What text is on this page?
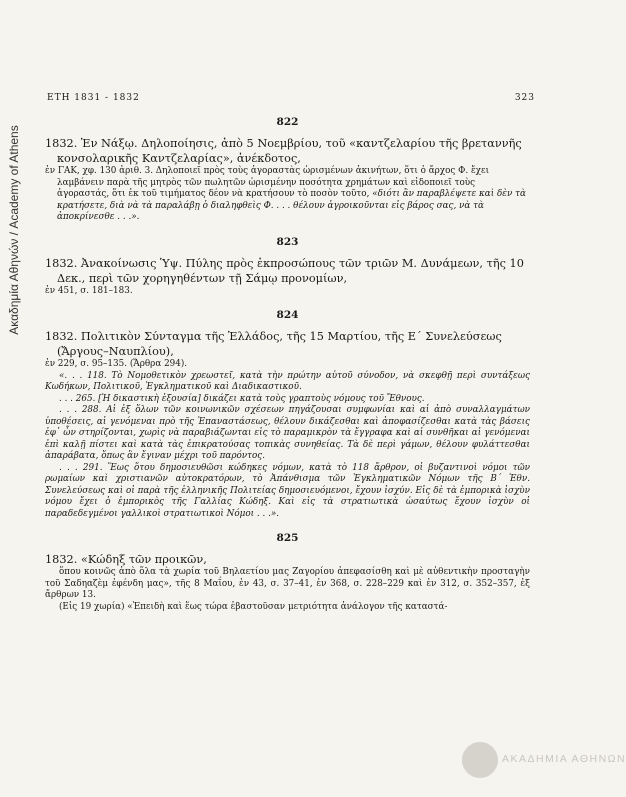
Ακαδημία Αθηνών / Academy of Athens
ΕΤΗ 1831 - 1832	323
822

1832. Ἐν Νάξῳ. Δηλοποίησις, ἀπὸ 5 Νοεμβρίου, τοῦ «καντζελαρίου τῆς βρεταννῆς κονσολαρικῆς Καντζελαρίας», ἀνέκδοτος,

ἐν ΓΑΚ, χφ. 130 ἀριθ. 3. Δηλοποιεῖ πρὸς τοὺς ἀγοραστὰς ὡρισμένων ἀκινήτων, ὅτι ὁ ἄρχος Φ. ἔχει λαμβάνειν παρὰ τῆς μητρὸς τῶν πωλητῶν ὡρισμένην ποσότητα χρημάτων καὶ εἰδοποιεῖ τοὺς ἀγοραστάς, ὅτι ἐκ τοῦ τιμήματος δέον νὰ κρατήσουν τὸ ποσὸν τοῦτο, «διότι ἂν παραβλέψετε καὶ δὲν τὰ κρατήσετε, διὰ νὰ τὰ παραλάβῃ ὁ διαληφθεὶς Φ. . . . θέλουν ἀγροικοῦνται εἰς βάρος σας, νὰ τὰ ἀποκρίνεσθε . . .».

823

1832. Ἀνακοίνωσις Ὑψ. Πύλης πρὸς ἐκπροσώπους τῶν τριῶν Μ. Δυνάμεων, τῆς 10 Δεκ., περὶ τῶν χορηγηθέντων τῇ Σάμῳ προνομίων,

ἐν 451, σ. 181–183.

824

1832. Πολιτικὸν Σύνταγμα τῆς Ἑλλάδος, τῆς 15 Μαρτίου, τῆς Ε΄ Συνελεύσεως (Ἄργους–Ναυπλίου),

ἐν 229, σ. 95–135. (Ἄρθρα 294).

«. . . 118. Τὸ Νομοθετικὸν χρεωστεῖ, κατὰ τὴν πρώτην αὐτοῦ σύνοδον, νὰ σκεφθῇ περὶ συντάξεως Κωδήκων, Πολιτικοῦ, Ἐγκληματικοῦ καὶ Διαδικαστικοῦ.

. . . 265. [Ἡ δικαστικὴ ἐξουσία] δικάζει κατὰ τοὺς γραπτοὺς νόμους τοῦ Ἔθνους.

. . . 288. Αἱ ἐξ ὅλων τῶν κοινωνικῶν σχέσεων πηγάζουσαι συμφωνίαι καὶ αἱ ἀπὸ συναλλαγμάτων ὑποθέσεις, αἱ γενόμεναι πρὸ τῆς Ἐπαναστάσεως, θέλουν δικάζεσθαι καὶ ἀποφασίζεσθαι κατὰ τὰς βάσεις ἐφ᾽ ὧν στηρίζονται, χωρὶς νὰ παραβιάζωνται εἰς τὸ παραμικρὸν τὰ ἔγγραφα καὶ αἱ συνθῆκαι αἱ γενόμεναι ἐπὶ καλῇ πίστει καὶ κατὰ τὰς ἐπικρατούσας τοπικὰς συνηθείας. Τὰ δὲ περὶ γάμων, θέλουν φυλάττεσθαι ἀπαράβατα, ὅπως ἂν ἔγιναν μέχρι τοῦ παρόντος.

. . . 291. Ἕως ὅτου δημοσιευθῶσι κώδηκες νόμων, κατὰ τὸ 118 ἄρθρον, οἱ βυζαντινοὶ νόμοι τῶν ρωμαίων καὶ χριστιανῶν αὐτοκρατόρων, τὸ Ἀπάνθισμα τῶν Ἐγκληματικῶν Νόμων τῆς Β΄ Ἐθν. Συνελεύσεως καὶ οἱ παρὰ τῆς ἑλληνικῆς Πολιτείας δημοσιευόμενοι, ἔχουν ἰσχύν. Εἰς δὲ τὰ ἐμπορικὰ ἰσχὺν νόμου ἔχει ὁ ἐμπορικὸς τῆς Γαλλίας Κώδηξ. Καὶ εἰς τὰ στρατιωτικὰ ὡσαύτως ἔχουν ἰσχὺν οἱ παραδεδεγμένοι γαλλικοὶ στρατιωτικοὶ Νόμοι . . .».

825

1832. «Κώδηξ τῶν προικῶν,

ὅπου κοινῶς ἀπὸ ὅλα τὰ χωρία τοῦ Βηλαετίου μας Ζαγορίου ἀπεφασίσθη καὶ μὲ αὐθεντικὴν προσταγὴν τοῦ Σαδηαζὲμ ἐφένδη μας», τῆς 8 Μαΐου, ἐν 43, σ. 37–41, ἐν 368, σ. 228–229 καὶ ἐν 312, σ. 352–357, ἐξ ἄρθρων 13.

(Εἰς 19 χωρία) «Ἐπειδὴ καὶ ἕως τώρα ἐβαστοῦσαν μετριότητα ἀνάλογον τῆς καταστά-

ΑΚΑΔΗΜΙΑ ΑΘΗΝΩΝ
